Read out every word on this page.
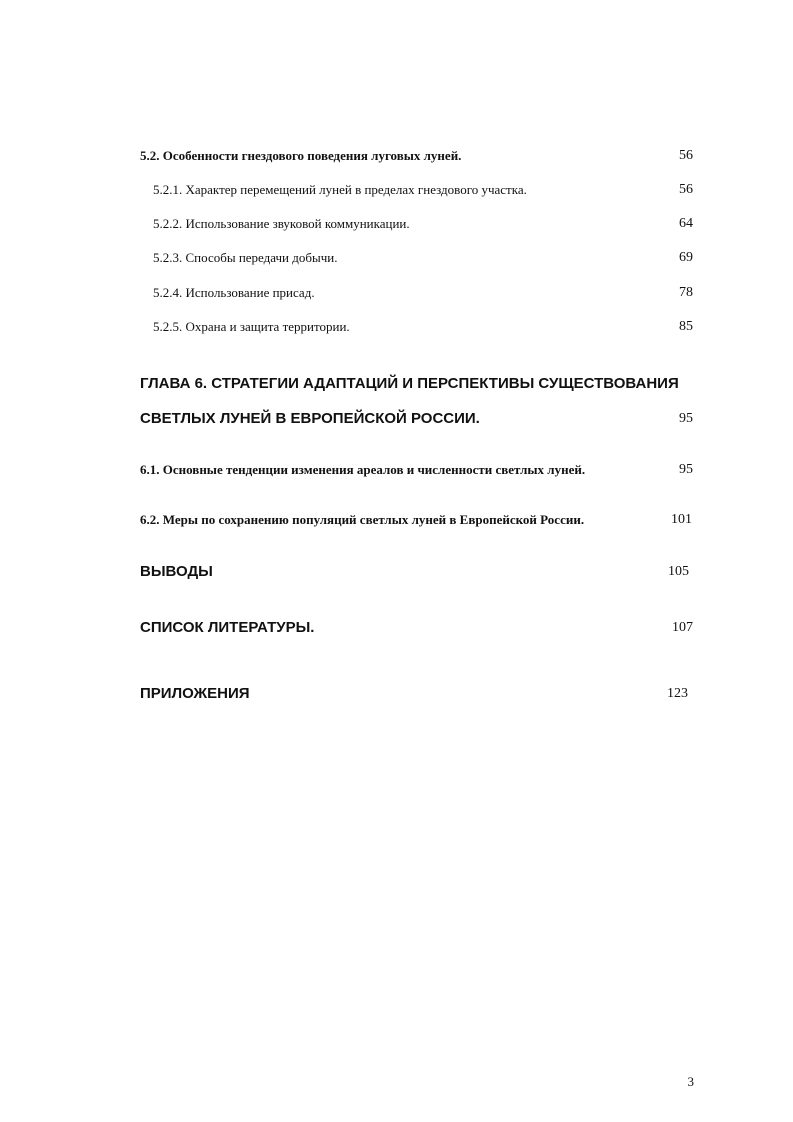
5.2. Особенности гнездового поведения луговых луней.	56
5.2.1. Характер перемещений луней в пределах гнездового участка.	56
5.2.2. Использование звуковой коммуникации.	64
5.2.3. Способы передачи добычи.	69
5.2.4. Использование присад.	78
5.2.5. Охрана и защита территории.	85
ГЛАВА 6. СТРАТЕГИИ АДАПТАЦИЙ И ПЕРСПЕКТИВЫ СУЩЕСТВОВАНИЯ
СВЕТЛЫХ ЛУНЕЙ В ЕВРОПЕЙСКОЙ РОССИИ.	95
6.1. Основные тенденции изменения ареалов и численности светлых луней.	95
6.2. Меры по сохранению популяций светлых луней в Европейской России.	101
ВЫВОДЫ	105
СПИСОК ЛИТЕРАТУРЫ.	107
ПРИЛОЖЕНИЯ	123
3
